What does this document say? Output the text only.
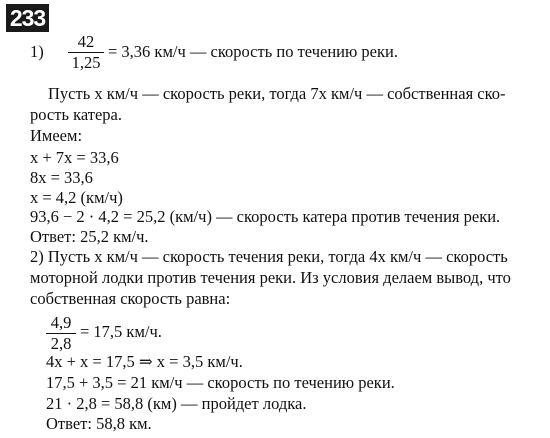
233
$1) \frac{42}{1,25} = 3,36$ км/ч — скорость по течению реки.
Пусть x км/ч — скорость реки, тогда 7x км/ч — собственная ско-
рость катера.
Имеем:
x + 7x = 33,6
8x = 33,6
x = 4,2 (км/ч)
93,6 − 2 · 4,2 = 25,2 (км/ч) — скорость катера против течения реки.
Ответ: 25,2 км/ч.
2) Пусть x км/ч — скорость течения реки, тогда 4x км/ч — скорость
моторной лодки против течения реки. Из условия делаем вывод, что
собственная скорость равна:
$\frac{4,9}{2,8} = 17,5$ км/ч.
4x + x = 17,5 ⇒ x = 3,5 км/ч.
17,5 + 3,5 = 21 км/ч — скорость по течению реки.
21 · 2,8 = 58,8 (км) — пройдет лодка.
Ответ: 58,8 км.
